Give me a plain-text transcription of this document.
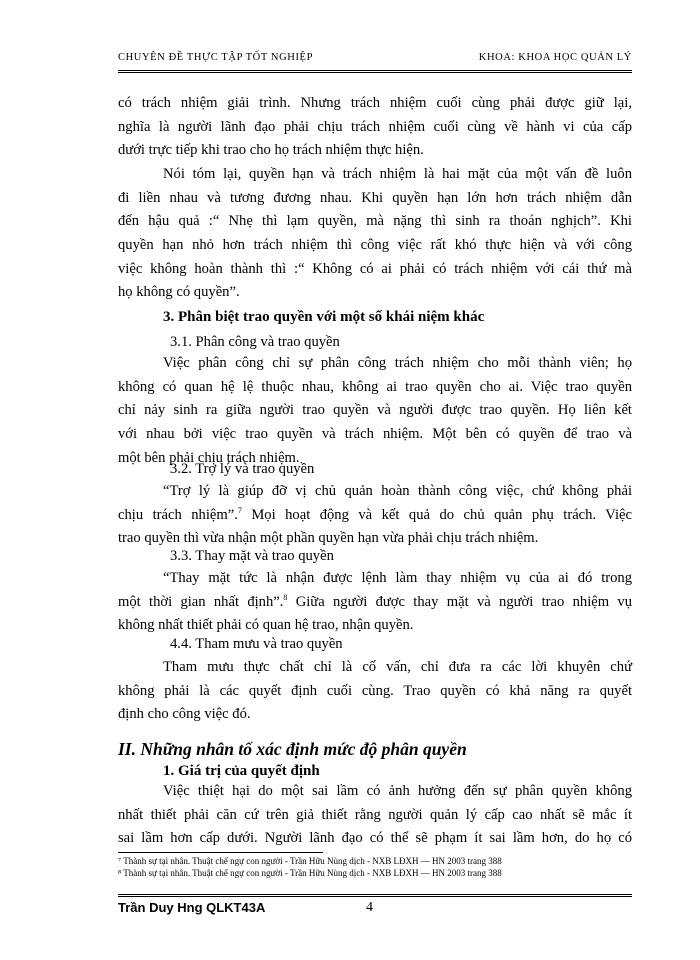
CHUYÊN ĐỀ THỰC TẬP TỐT NGHIỆP	KHOA: KHOA HỌC QUẢN LÝ
có trách nhiệm giải trình. Nhưng trách nhiệm cuối cùng phải được giữ lại,
nghĩa là người lãnh đạo phải chịu trách nhiệm cuối cùng về hành vi của cấp
dưới trực tiếp khi trao cho họ trách nhiệm thực hiện.
Nói tóm lại, quyền hạn và trách nhiệm là hai mặt của một vấn đề luôn
đi liền nhau và tương đương nhau. Khi quyền hạn lớn hơn trách nhiệm dẫn
đến hậu quả :“ Nhẹ thì lạm quyền, mà nặng thì sinh ra thoán nghịch”. Khi
quyền hạn nhỏ hơn trách nhiệm thì công việc rất khó thực hiện và với công
việc không hoàn thành thì :“ Không có ai phải có trách nhiệm với cái thứ mà
họ không có quyền”.
3. Phân biệt trao quyền với một số khái niệm khác
3.1. Phân công và trao quyền
Việc phân công chỉ sự phân công trách nhiệm cho mỗi thành viên; họ
không có quan hệ lệ thuộc nhau, không ai trao quyền cho ai. Việc trao quyền
chỉ nảy sinh ra giữa người trao quyền và người được trao quyền. Họ liên kết
với nhau bởi việc trao quyền và trách nhiệm. Một bên có quyền để trao và
một bên phải chịu trách nhiệm.
3.2. Trợ lý và trao quyền
“Trợ lý là giúp đỡ vị chủ quản hoàn thành công việc, chứ không phải
chịu trách nhiệm”.$^7$ Mọi hoạt động và kết quả do chủ quản phụ trách. Việc
trao quyền thì vừa nhận một phần quyền hạn vừa phải chịu trách nhiệm.
3.3. Thay mặt và trao quyền
“Thay mặt tức là nhận được lệnh làm thay nhiệm vụ của ai đó trong
một thời gian nhất định”.$^8$ Giữa người được thay mặt và người trao nhiệm vụ
không nhất thiết phải có quan hệ trao, nhận quyền.
4.4. Tham mưu và trao quyền
Tham mưu thực chất chỉ là cố vấn, chỉ đưa ra các lời khuyên chứ
không phải là các quyết định cuối cùng. Trao quyền có khả năng ra quyết
định cho công việc đó.
II. Những nhân tố xác định mức độ phân quyền
1. Giá trị của quyết định
Việc thiệt hại do một sai lầm có ảnh hưởng đến sự phân quyền không
nhất thiết phải căn cứ trên giả thiết rằng người quản lý cấp cao nhất sẽ mắc ít
sai lầm hơn cấp dưới. Người lãnh đạo có thể sẽ phạm ít sai lầm hơn, do họ có
⁷ Thành sự tại nhân. Thuật chế ngự con người - Trần Hữu Nùng dịch - NXB LĐXH — HN 2003 trang 388
⁸ Thành sự tại nhân. Thuật chế ngự con người - Trần Hữu Nùng dịch - NXB LĐXH — HN 2003 trang 388
Trần Duy Hng QLKT43A	4
